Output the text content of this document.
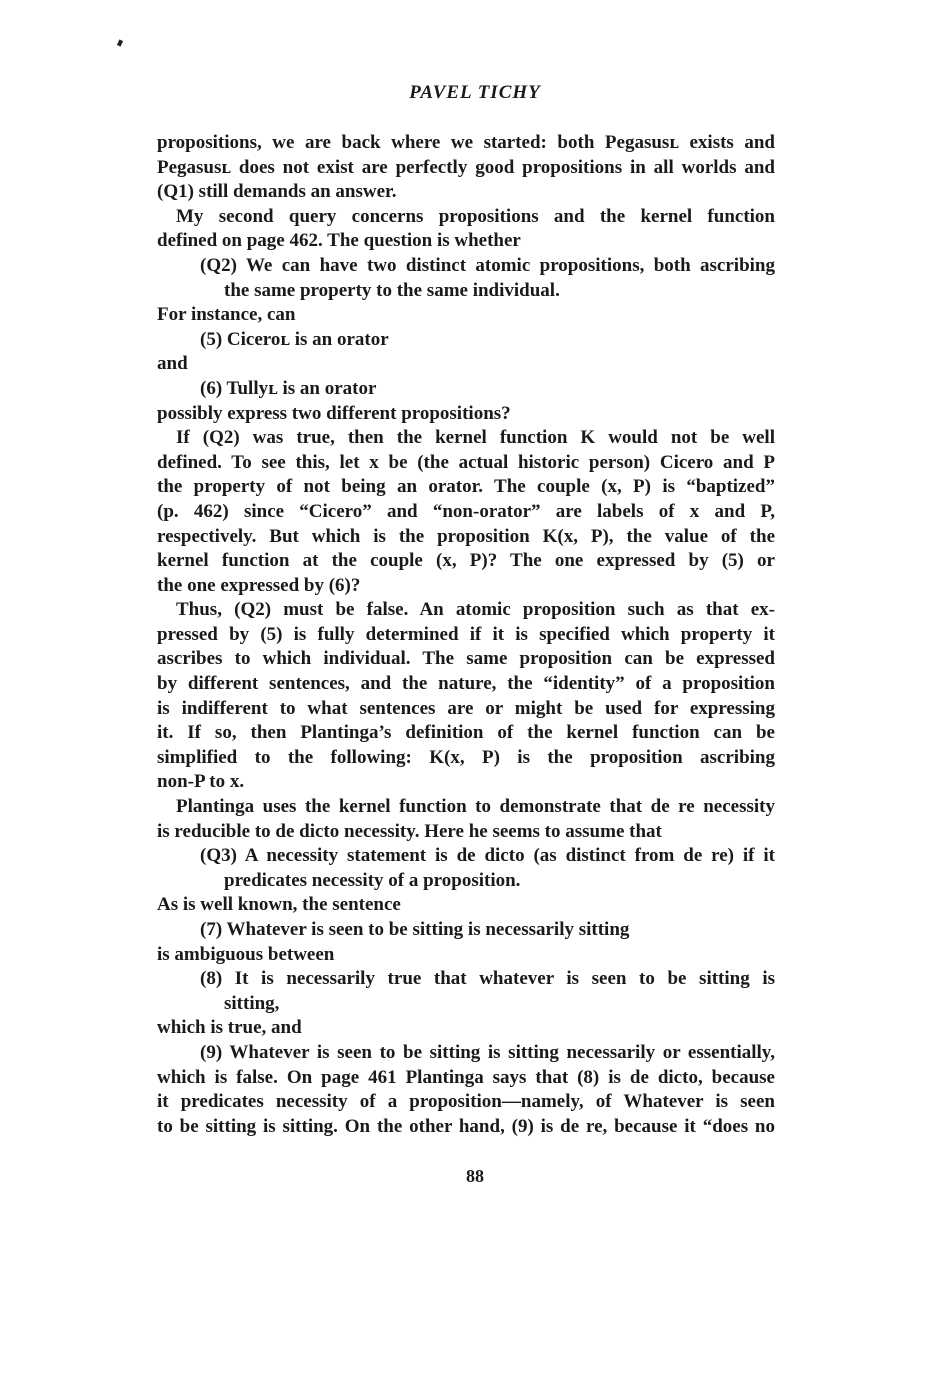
PAVEL TICHY
propositions, we are back where we started: both Pegasusʟ exists and
Pegasusʟ does not exist are perfectly good propositions in all worlds and
(Q1) still demands an answer.
My second query concerns propositions and the kernel function
defined on page 462. The question is whether
(Q2) We can have two distinct atomic propositions, both ascribing
the same property to the same individual.
For instance, can
(5) Ciceroʟ is an orator
and
(6) Tullyʟ is an orator
possibly express two different propositions?
If (Q2) was true, then the kernel function K would not be well
defined. To see this, let x be (the actual historic person) Cicero and P
the property of not being an orator. The couple (x, P) is “baptized”
(p. 462) since “Cicero” and “non-orator” are labels of x and P,
respectively. But which is the proposition K(x, P), the value of the
kernel function at the couple (x, P)? The one expressed by (5) or
the one expressed by (6)?
Thus, (Q2) must be false. An atomic proposition such as that ex-
pressed by (5) is fully determined if it is specified which property it
ascribes to which individual. The same proposition can be expressed
by different sentences, and the nature, the “identity” of a proposition
is indifferent to what sentences are or might be used for expressing
it. If so, then Plantinga’s definition of the kernel function can be
simplified to the following: K(x, P) is the proposition ascribing
non-P to x.
Plantinga uses the kernel function to demonstrate that de re necessity
is reducible to de dicto necessity. Here he seems to assume that
(Q3) A necessity statement is de dicto (as distinct from de re) if it
predicates necessity of a proposition.
As is well known, the sentence
(7) Whatever is seen to be sitting is necessarily sitting
is ambiguous between
(8) It is necessarily true that whatever is seen to be sitting is
sitting,
which is true, and
(9) Whatever is seen to be sitting is sitting necessarily or essentially,
which is false. On page 461 Plantinga says that (8) is de dicto, because
it predicates necessity of a proposition—namely, of Whatever is seen
to be sitting is sitting. On the other hand, (9) is de re, because it “does no
88
